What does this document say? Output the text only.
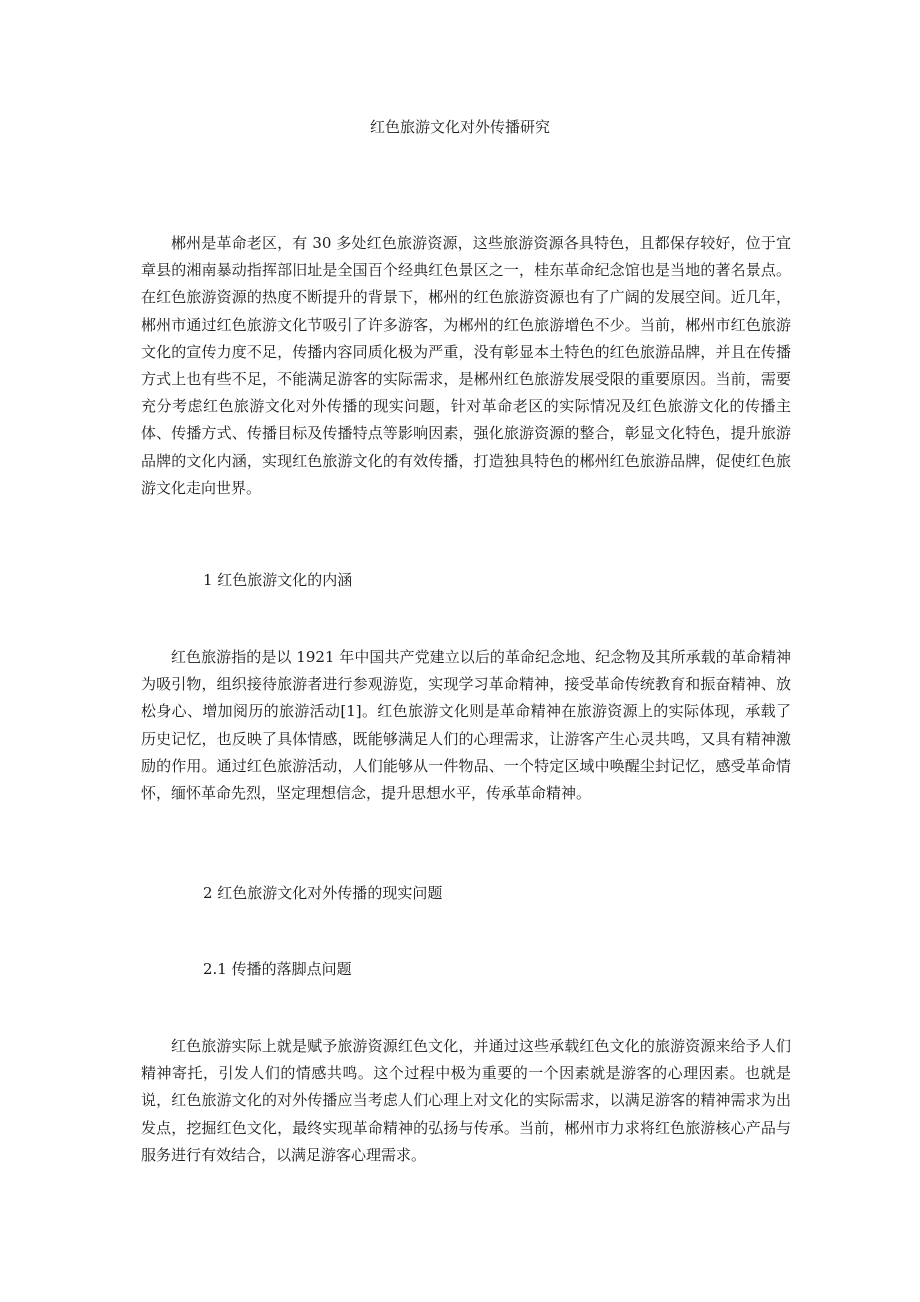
红色旅游文化对外传播研究

郴州是革命老区，有 30 多处红色旅游资源，这些旅游资源各具特色，且都保存较好，位于宜章县的湘南暴动指挥部旧址是全国百个经典红色景区之一，桂东革命纪念馆也是当地的著名景点。在红色旅游资源的热度不断提升的背景下，郴州的红色旅游资源也有了广阔的发展空间。近几年，郴州市通过红色旅游文化节吸引了许多游客，为郴州的红色旅游增色不少。当前，郴州市红色旅游文化的宣传力度不足，传播内容同质化极为严重，没有彰显本土特色的红色旅游品牌，并且在传播方式上也有些不足，不能满足游客的实际需求，是郴州红色旅游发展受限的重要原因。当前，需要充分考虑红色旅游文化对外传播的现实问题，针对革命老区的实际情况及红色旅游文化的传播主体、传播方式、传播目标及传播特点等影响因素，强化旅游资源的整合，彰显文化特色，提升旅游品牌的文化内涵，实现红色旅游文化的有效传播，打造独具特色的郴州红色旅游品牌，促使红色旅游文化走向世界。

1 红色旅游文化的内涵

红色旅游指的是以 1921 年中国共产党建立以后的革命纪念地、纪念物及其所承载的革命精神为吸引物，组织接待旅游者进行参观游览，实现学习革命精神，接受革命传统教育和振奋精神、放松身心、增加阅历的旅游活动[1]。红色旅游文化则是革命精神在旅游资源上的实际体现，承载了历史记忆，也反映了具体情感，既能够满足人们的心理需求，让游客产生心灵共鸣，又具有精神激励的作用。通过红色旅游活动，人们能够从一件物品、一个特定区域中唤醒尘封记忆，感受革命情怀，缅怀革命先烈，坚定理想信念，提升思想水平，传承革命精神。

2 红色旅游文化对外传播的现实问题
2.1 传播的落脚点问题

红色旅游实际上就是赋予旅游资源红色文化，并通过这些承载红色文化的旅游资源来给予人们精神寄托，引发人们的情感共鸣。这个过程中极为重要的一个因素就是游客的心理因素。也就是说，红色旅游文化的对外传播应当考虑人们心理上对文化的实际需求，以满足游客的精神需求为出发点，挖掘红色文化，最终实现革命精神的弘扬与传承。当前，郴州市力求将红色旅游核心产品与服务进行有效结合，以满足游客心理需求。
